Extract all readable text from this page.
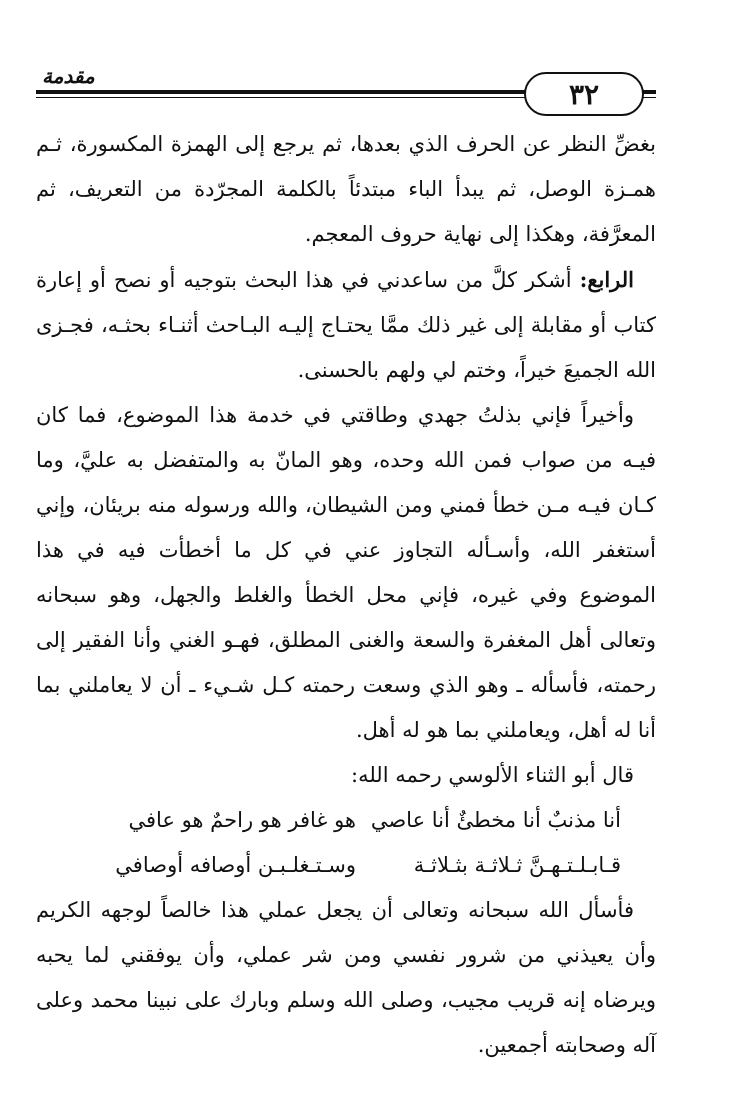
مقدمة
٣٢

بغضِّ النظر عن الحرف الذي بعدها، ثم يرجع إلى الهمزة المكسورة، ثـم همـزة الوصل، ثم يبدأ الباء مبتدئاً بالكلمة المجرّدة من التعريف، ثم المعرَّفة، وهكذا إلى نهاية حروف المعجم.

الرابع: أشكر كلَّ من ساعدني في هذا البحث بتوجيه أو نصح أو إعارة كتاب أو مقابلة إلى غير ذلك ممَّا يحتـاج إليـه البـاحث أثنـاء بحثـه، فجـزى الله الجميعَ خيراً، وختم لي ولهم بالحسنى.

وأخيراً فإني بذلتُ جهدي وطاقتي في خدمة هذا الموضوع، فما كان فيـه من صواب فمن الله وحده، وهو المانّ به والمتفضل به عليَّ، وما كـان فيـه مـن خطأ فمني ومن الشيطان، والله ورسوله منه بريئان، وإني أستغفر الله، وأسـأله التجاوز عني في كل ما أخطأت فيه في هذا الموضوع وفي غيره، فإني محل الخطأ والغلط والجهل، وهو سبحانه وتعالى أهل المغفرة والسعة والغنى المطلق، فهـو الغني وأنا الفقير إلى رحمته، فأسأله ـ وهو الذي وسعت رحمته كـل شـيء ـ أن لا يعاملني بما أنا له أهل، ويعاملني بما هو له أهل.

قال أبو الثناء الألوسي رحمه الله:

أنا مذنبٌ أنا مخطئٌ أنا عاصي
هو غافر هو راحمٌ هو عافي
قـابـلـتـهـنَّ ثـلاثـة بثـلاثـة
وسـتـغلـبـن أوصافه أوصافي

فأسأل الله سبحانه وتعالى أن يجعل عملي هذا خالصاً لوجهه الكريم وأن يعيذني من شرور نفسي ومن شر عملي، وأن يوفقني لما يحبه ويرضاه إنه قريب مجيب، وصلى الله وسلم وبارك على نبينا محمد وعلى آله وصحابته أجمعين.
